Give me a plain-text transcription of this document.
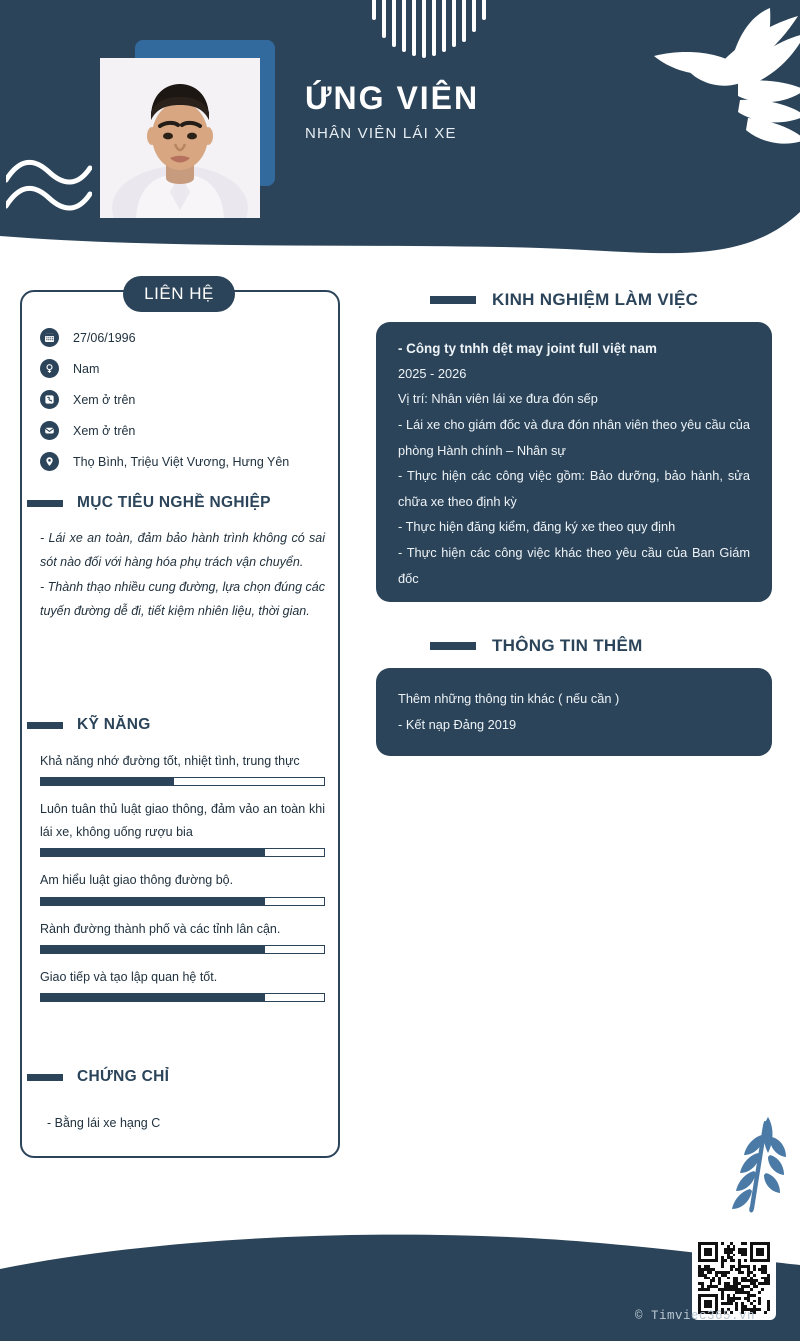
ỨNG VIÊN
NHÂN VIÊN LÁI XE
LIÊN HỆ
27/06/1996
Nam
Xem ở trên
Xem ở trên
Thọ Bình, Triệu Việt Vương, Hưng Yên
MỤC TIÊU NGHỀ NGHIỆP

- Lái xe an toàn, đảm bảo hành trình không có sai sót nào đối với hàng hóa phụ trách vận chuyển.

- Thành thạo nhiều cung đường, lựa chọn đúng các tuyến đường dễ đi, tiết kiệm nhiên liệu, thời gian.

KỸ NĂNG
Khả năng nhớ đường tốt, nhiệt tình, trung thực
Luôn tuân thủ luật giao thông, đảm vảo an toàn khi lái xe, không uống rượu bia
Am hiểu luật giao thông đường bộ.
Rành đường thành phố và các tỉnh lân cận.
Giao tiếp và tạo lập quan hệ tốt.
CHỨNG CHỈ
- Bằng lái xe hạng C
KINH NGHIỆM LÀM VIỆC
- Công ty tnhh dệt may joint full việt nam
2025 - 2026
Vị trí: Nhân viên lái xe đưa đón sếp
- Lái xe cho giám đốc và đưa đón nhân viên theo yêu cầu của phòng Hành chính – Nhân sự
- Thực hiện các công việc gồm: Bảo dưỡng, bảo hành, sửa chữa xe theo định kỳ
- Thực hiện đăng kiểm, đăng ký xe theo quy định
- Thực hiện các công việc khác theo yêu cầu của Ban Giám đốc
THÔNG TIN THÊM
Thêm những thông tin khác ( nếu cần )
- Kết nạp Đảng 2019
© Timviec365.vn
